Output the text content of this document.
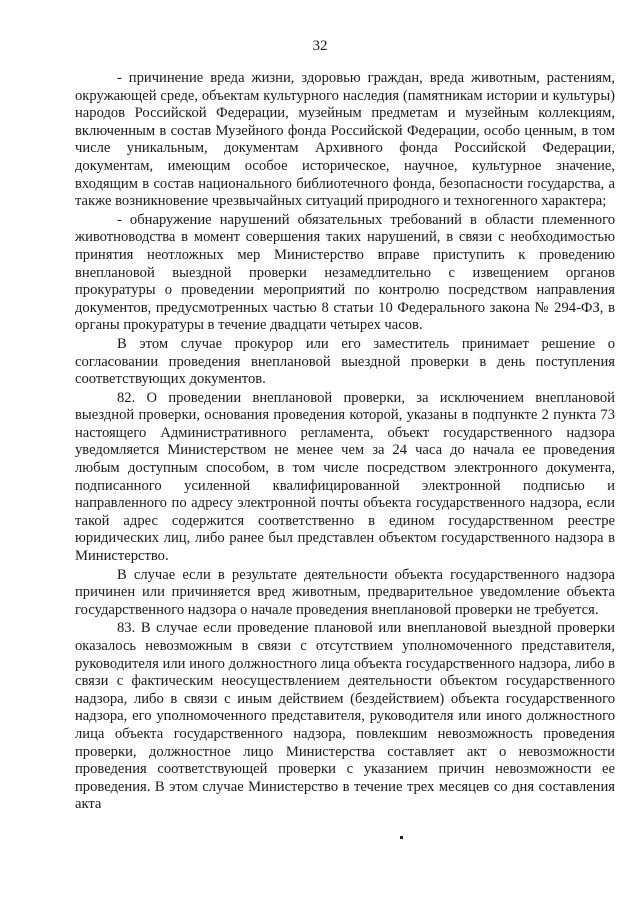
32

- причинение вреда жизни, здоровью граждан, вреда животным, растениям, окружающей среде, объектам культурного наследия (памятникам истории и культуры) народов Российской Федерации, музейным предметам и музейным коллекциям, включенным в состав Музейного фонда Российской Федерации, особо ценным, в том числе уникальным, документам Архивного фонда Российской Федерации, документам, имеющим особое историческое, научное, культурное значение, входящим в состав национального библиотечного фонда, безопасности государства, а также возникновение чрезвычайных ситуаций природного и техногенного характера;

- обнаружение нарушений обязательных требований в области племенного животноводства в момент совершения таких нарушений, в связи с необходимостью принятия неотложных мер Министерство вправе приступить к проведению внеплановой выездной проверки незамедлительно с извещением органов прокуратуры о проведении мероприятий по контролю посредством направления документов, предусмотренных частью 8 статьи 10 Федерального закона № 294-ФЗ, в органы прокуратуры в течение двадцати четырех часов.

В этом случае прокурор или его заместитель принимает решение о согласовании проведения внеплановой выездной проверки в день поступления соответствующих документов.

82. О проведении внеплановой проверки, за исключением внеплановой выездной проверки, основания проведения которой, указаны в подпункте 2 пункта 73 настоящего Административного регламента, объект государственного надзора уведомляется Министерством не менее чем за 24 часа до начала ее проведения любым доступным способом, в том числе посредством электронного документа, подписанного усиленной квалифицированной электронной подписью и направленного по адресу электронной почты объекта государственного надзора, если такой адрес содержится соответственно в едином государственном реестре юридических лиц, либо ранее был представлен объектом государственного надзора в Министерство.

В случае если в результате деятельности объекта государственного надзора причинен или причиняется вред животным, предварительное уведомление объекта государственного надзора о начале проведения внеплановой проверки не требуется.

83. В случае если проведение плановой или внеплановой выездной проверки оказалось невозможным в связи с отсутствием уполномоченного представителя, руководителя или иного должностного лица объекта государственного надзора, либо в связи с фактическим неосуществлением деятельности объектом государственного надзора, либо в связи с иным действием (бездействием) объекта государственного надзора, его уполномоченного представителя, руководителя или иного должностного лица объекта государственного надзора, повлекшим невозможность проведения проверки, должностное лицо Министерства составляет акт о невозможности проведения соответствующей проверки с указанием причин невозможности ее проведения. В этом случае Министерство в течение трех месяцев со дня составления акта
